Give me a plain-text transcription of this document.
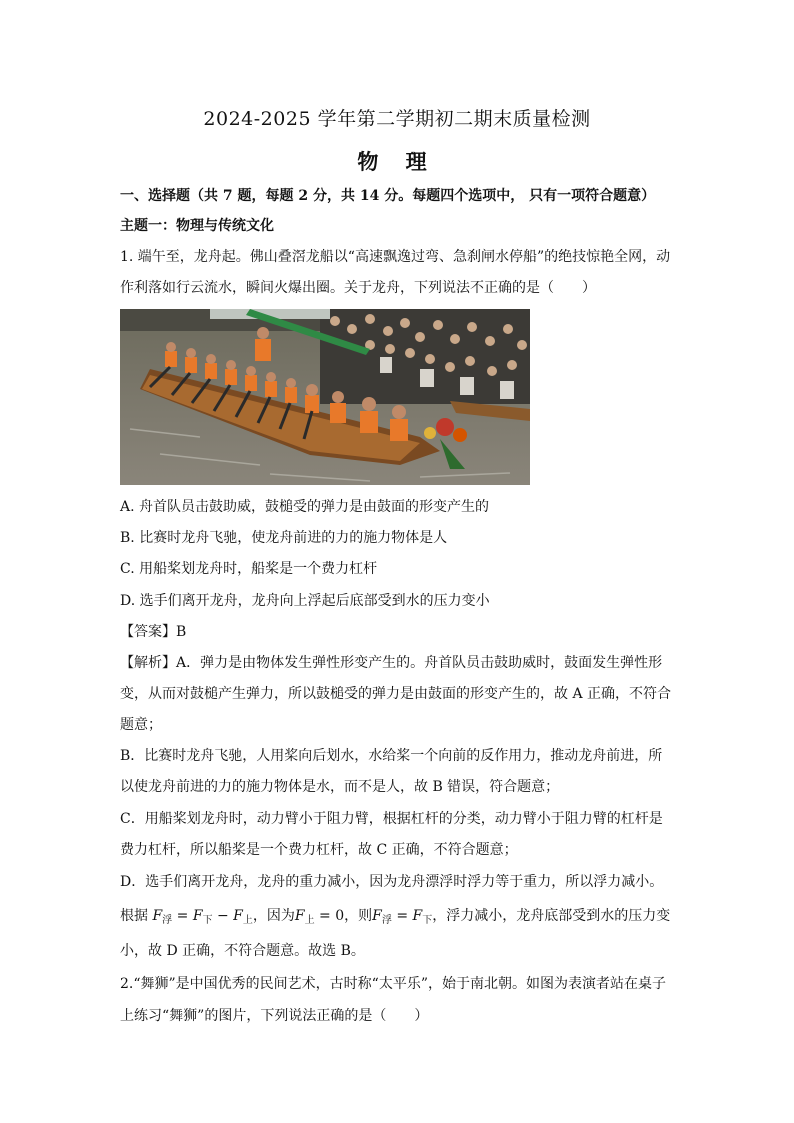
2024-2025 学年第二学期初二期末质量检测
物 理
一、选择题（共 7 题，每题 2 分，共 14 分。每题四个选项中， 只有一项符合题意）
主题一：物理与传统文化
1. 端午至，龙舟起。佛山叠滘龙船以“高速飘逸过弯、急刹闸水停船”的绝技惊艳全网，动
作利落如行云流水，瞬间火爆出圈。关于龙舟，下列说法不正确的是（　　）
A. 舟首队员击鼓助威，鼓槌受的弹力是由鼓面的形变产生的
B. 比赛时龙舟飞驰，使龙舟前进的力的施力物体是人
C. 用船桨划龙舟时，船桨是一个费力杠杆
D. 选手们离开龙舟，龙舟向上浮起后底部受到水的压力变小
【答案】B
【解析】A．弹力是由物体发生弹性形变产生的。舟首队员击鼓助威时，鼓面发生弹性形
变，从而对鼓槌产生弹力，所以鼓槌受的弹力是由鼓面的形变产生的，故 A 正确，不符合
题意；
B．比赛时龙舟飞驰，人用桨向后划水，水给桨一个向前的反作用力，推动龙舟前进，所
以使龙舟前进的力的施力物体是水，而不是人，故 B 错误，符合题意；
C．用船桨划龙舟时，动力臂小于阻力臂，根据杠杆的分类，动力臂小于阻力臂的杠杆是
费力杠杆，所以船桨是一个费力杠杆，故 C 正确，不符合题意；
D．选手们离开龙舟，龙舟的重力减小，因为龙舟漂浮时浮力等于重力，所以浮力减小。
根据 $F_浮 = F_下 - F_上$，因为$F_上 = 0$，则$F_浮 = F_下$，浮力减小，龙舟底部受到水的压力变
小，故 D 正确，不符合题意。故选 B。
2.“舞狮”是中国优秀的民间艺术，古时称“太平乐”，始于南北朝。如图为表演者站在桌子
上练习“舞狮”的图片，下列说法正确的是（　　）
